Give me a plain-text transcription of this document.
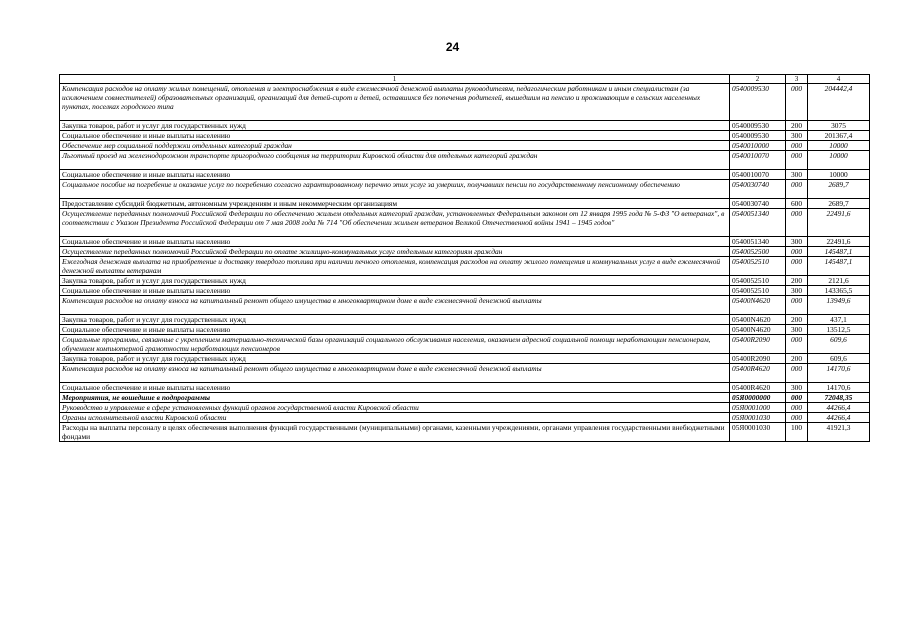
24
1	2	3	4
Компенсация расходов на оплату жилых помещений, отопления и электроснабжения в виде ежемесячной денежной выплаты руководителям, педагогическим работникам и иным специалистам (за исключением совместителей) образовательных организаций, организаций для детей-сирот и детей, оставшихся без попечения родителей, вышедшим на пенсию и проживающим в сельских населенных пунктах, поселках городского типа	0540009530	000	204442,4
Закупка товаров, работ и услуг для государственных нужд	0540009530	200	3075
Социальное обеспечение и иные выплаты населению	0540009530	300	201367,4
Обеспечение мер социальной поддержки отдельных категорий граждан	0540010000	000	10000
Льготный проезд на железнодорожном транспорте пригородного сообщения на территории Кировской области для отдельных категорий граждан	0540010070	000	10000
Социальное обеспечение и иные выплаты населению	0540010070	300	10000
Социальное пособие на погребение и оказание услуг по погребению согласно гарантированному перечню этих услуг за умерших, получавших пенсии по государственному пенсионному обеспечению	0540030740	000	2689,7
Предоставление субсидий бюджетным, автономным учреждениям и иным некоммерческим организациям	0540030740	600	2689,7
Осуществление переданных полномочий Российской Федерации по обеспечению жильем отдельных категорий граждан, установленных Федеральным законом от 12 января 1995 года № 5-ФЗ "О ветеранах", в соответствии с Указом Президента Российской Федерации от 7 мая 2008 года № 714 "Об обеспечении жильем ветеранов Великой Отечественной войны 1941 – 1945 годов"	0540051340	000	22491,6
Социальное обеспечение и иные выплаты населению	0540051340	300	22491,6
Осуществление переданных полномочий Российской Федерации по оплате жилищно-коммунальных услуг отдельным категориям граждан	0540052500	000	145487,1
Ежегодная денежная выплата на приобретение и доставку твердого топлива при наличии печного отопления, компенсация расходов на оплату жилого помещения и коммунальных услуг в виде ежемесячной денежной выплаты ветеранам	0540052510	000	145487,1
Закупка товаров, работ и услуг для государственных нужд	0540052510	200	2121,6
Социальное обеспечение и иные выплаты населению	0540052510	300	143365,5
Компенсация расходов на оплату взноса на капитальный ремонт общего имущества в многоквартирном доме в виде ежемесячной денежной выплаты	05400N4620	000	13949,6
Закупка товаров, работ и услуг для государственных нужд	05400N4620	200	437,1
Социальное обеспечение и иные выплаты населению	05400N4620	300	13512,5
Социальные программы, связанные с укреплением материально-технической базы организаций социального обслуживания населения, оказанием адресной социальной помощи неработающим пенсионерам, обучением компьютерной грамотности неработающих пенсионеров	05400R2090	000	609,6
Закупка товаров, работ и услуг для государственных нужд	05400R2090	200	609,6
Компенсация расходов на оплату взноса на капитальный ремонт общего имущества в многоквартирном доме в виде ежемесячной денежной выплаты	05400R4620	000	14170,6
Социальное обеспечение и иные выплаты населению	05400R4620	300	14170,6
Мероприятия, не вошедшие в подпрограммы	05Я0000000	000	72048,35
Руководство и управление в сфере установленных функций органов государственной власти Кировской области	05Я0001000	000	44266,4
Органы исполнительной власти Кировской области	05Я0001030	000	44266,4
Расходы на выплаты персоналу в целях обеспечения выполнения функций государственными (муниципальными) органами, казенными учреждениями, органами управления государственными внебюджетными фондами	05Я0001030	100	41921,3
